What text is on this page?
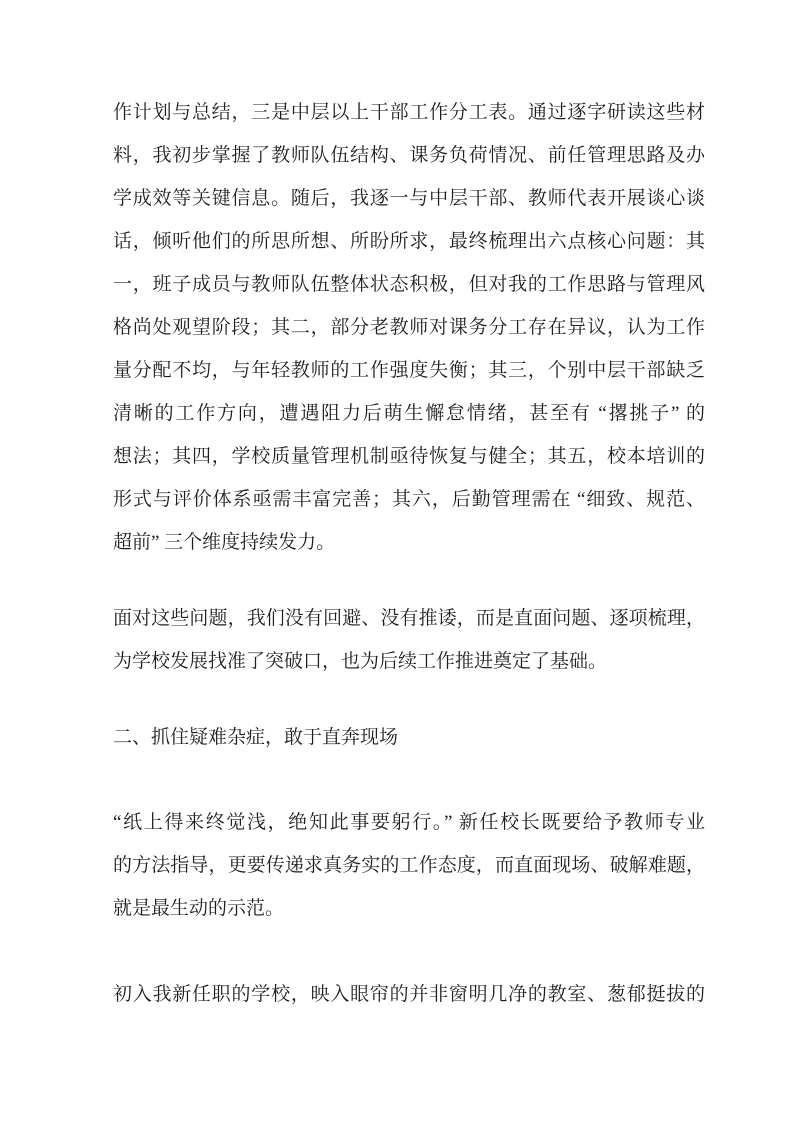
作计划与总结，三是中层以上干部工作分工表。通过逐字研读这些材
料，我初步掌握了教师队伍结构、课务负荷情况、前任管理思路及办
学成效等关键信息。随后，我逐一与中层干部、教师代表开展谈心谈
话，倾听他们的所思所想、所盼所求，最终梳理出六点核心问题：其
一，班子成员与教师队伍整体状态积极，但对我的工作思路与管理风
格尚处观望阶段；其二，部分老教师对课务分工存在异议，认为工作
量分配不均，与年轻教师的工作强度失衡；其三，个别中层干部缺乏
清晰的工作方向，遭遇阻力后萌生懈怠情绪，甚至有 “撂挑子” 的
想法；其四，学校质量管理机制亟待恢复与健全；其五，校本培训的
形式与评价体系亟需丰富完善；其六，后勤管理需在 “细致、规范、
超前” 三个维度持续发力。
面对这些问题，我们没有回避、没有推诿，而是直面问题、逐项梳理，
为学校发展找准了突破口，也为后续工作推进奠定了基础。
二、抓住疑难杂症，敢于直奔现场
“纸上得来终觉浅，绝知此事要躬行。” 新任校长既要给予教师专业
的方法指导，更要传递求真务实的工作态度，而直面现场、破解难题，
就是最生动的示范。
初入我新任职的学校，映入眼帘的并非窗明几净的教室、葱郁挺拔的
